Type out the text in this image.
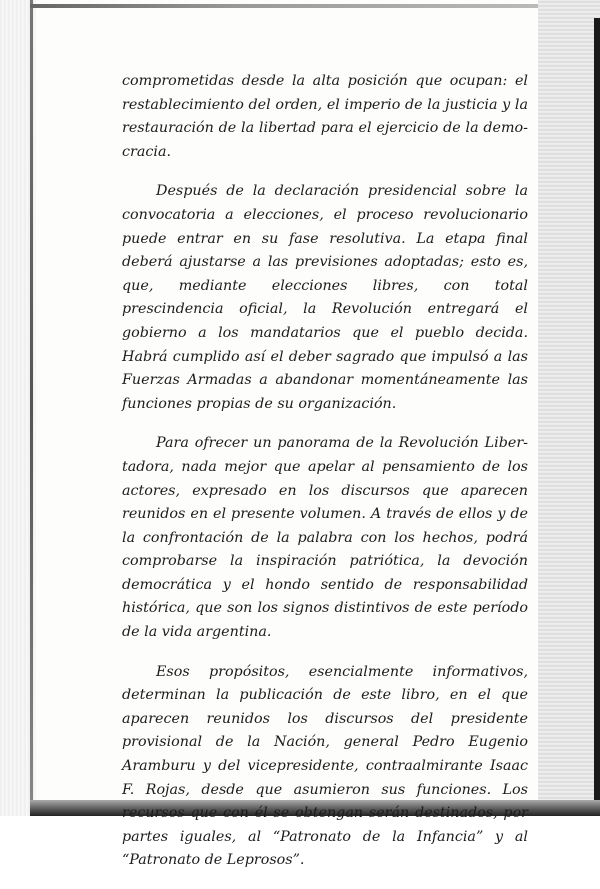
comprometidas desde la alta posición que ocupan: el restablecimiento del orden, el imperio de la justicia y la restauración de la libertad para el ejercicio de la democracia.

Después de la declaración presidencial sobre la convocatoria a elecciones, el proceso revolucionario puede entrar en su fase resolutiva. La etapa final deberá ajustarse a las previsiones adoptadas; esto es, que, mediante elecciones libres, con total prescindencia oficial, la Revolución entregará el gobierno a los mandatarios que el pueblo decida. Habrá cumplido así el deber sagrado que impulsó a las Fuerzas Armadas a abandonar momentáneamente las funciones propias de su organización.

Para ofrecer un panorama de la Revolución Libertadora, nada mejor que apelar al pensamiento de los actores, expresado en los discursos que aparecen reunidos en el presente volumen. A través de ellos y de la confrontación de la palabra con los hechos, podrá comprobarse la inspiración patriótica, la devoción democrática y el hondo sentido de responsabilidad histórica, que son los signos distintivos de este período de la vida argentina.

Esos propósitos, esencialmente informativos, determinan la publicación de este libro, en el que aparecen reunidos los discursos del presidente provisional de la Nación, general Pedro Eugenio Aramburu y del vicepresidente, contraalmirante Isaac F. Rojas, desde que asumieron sus funciones. Los recursos que con él se obtengan serán destinados, por partes iguales, al “Patronato de la Infancia” y al “Patronato de Leprosos”.
